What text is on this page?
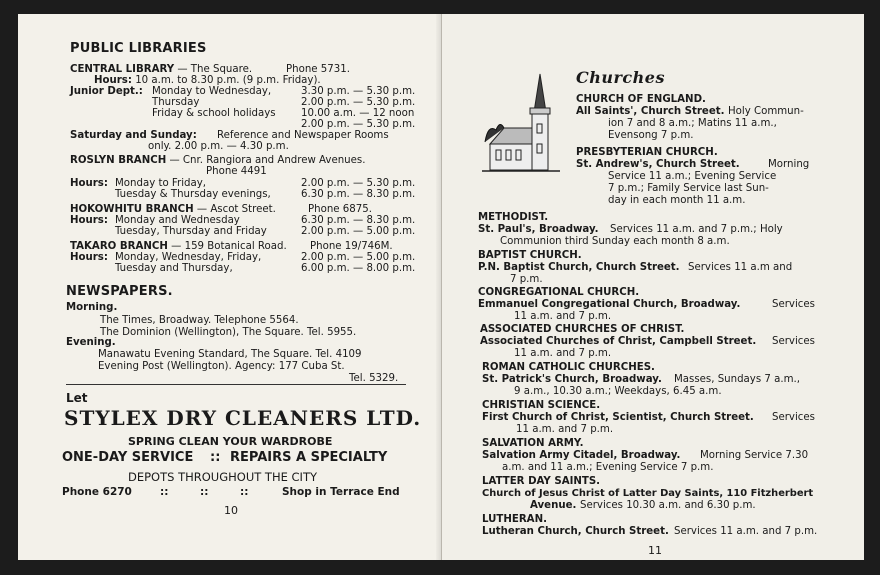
PUBLIC LIBRARIES
CENTRAL LIBRARY — The Square.	Phone 5731.
Hours: 10 a.m. to 8.30 p.m. (9 p.m. Friday).
Junior Dept.: Monday to Wednesday,	3.30 p.m. — 5.30 p.m.
Thursday	2.00 p.m. — 5.30 p.m.
Friday & school holidays 10.00 a.m. — 12 noon
2.00 p.m. — 5.30 p.m.
Saturday and Sunday: Reference and Newspaper Rooms
only. 2.00 p.m. — 4.30 p.m.
ROSLYN BRANCH — Cnr. Rangiora and Andrew Avenues.
Phone 4491
Hours: Monday to Friday,	2.00 p.m. — 5.30 p.m.
Tuesday & Thursday evenings,	6.30 p.m. — 8.30 p.m.
HOKOWHITU BRANCH — Ascot Street.	Phone 6875.
Hours: Monday and Wednesday	6.30 p.m. — 8.30 p.m.
Tuesday, Thursday and Friday	2.00 p.m. — 5.00 p.m.
TAKARO BRANCH — 159 Botanical Road. Phone 19/746M.
Hours: Monday, Wednesday, Friday,	2.00 p.m. — 5.00 p.m.
Tuesday and Thursday,	6.00 p.m. — 8.00 p.m.
NEWSPAPERS.
Morning.
The Times, Broadway. Telephone 5564.
The Dominion (Wellington), The Square. Tel. 5955.
Evening.
Manawatu Evening Standard, The Square. Tel. 4109
Evening Post (Wellington). Agency: 177 Cuba St.
Tel. 5329.
Let
STYLEX DRY CLEANERS LTD.
SPRING CLEAN YOUR WARDROBE
ONE-DAY SERVICE :: REPAIRS A SPECIALTY
DEPOTS THROUGHOUT THE CITY
Phone 6270	::	::	::	Shop in Terrace End
10
Churches
CHURCH OF ENGLAND.
All Saints', Church Street. Holy Commun-
ion 7 and 8 a.m.; Matins 11 a.m.,
Evensong 7 p.m.
PRESBYTERIAN CHURCH.
St. Andrew's, Church Street.	Morning
Service 11 a.m.; Evening Service
7 p.m.; Family Service last Sun-
day in each month 11 a.m.
METHODIST.
St. Paul's, Broadway. Services 11 a.m. and 7 p.m.; Holy
Communion third Sunday each month 8 a.m.
BAPTIST CHURCH.
P.N. Baptist Church, Church Street. Services 11 a.m and
7 p.m.
CONGREGATIONAL CHURCH.
Emmanuel Congregational Church, Broadway.	Services
11 a.m. and 7 p.m.
ASSOCIATED CHURCHES OF CHRIST.
Associated Churches of Christ, Campbell Street. Services
11 a.m. and 7 p.m.
ROMAN CATHOLIC CHURCHES.
St. Patrick's Church, Broadway. Masses, Sundays 7 a.m.,
9 a.m., 10.30 a.m.; Weekdays, 6.45 a.m.
CHRISTIAN SCIENCE.
First Church of Christ, Scientist, Church Street. Services
11 a.m. and 7 p.m.
SALVATION ARMY.
Salvation Army Citadel, Broadway. Morning Service 7.30
a.m. and 11 a.m.; Evening Service 7 p.m.
LATTER DAY SAINTS.
Church of Jesus Christ of Latter Day Saints, 110 Fitzherbert
Avenue. Services 10.30 a.m. and 6.30 p.m.
LUTHERAN.
Lutheran Church, Church Street. Services 11 a.m. and 7 p.m.
11
